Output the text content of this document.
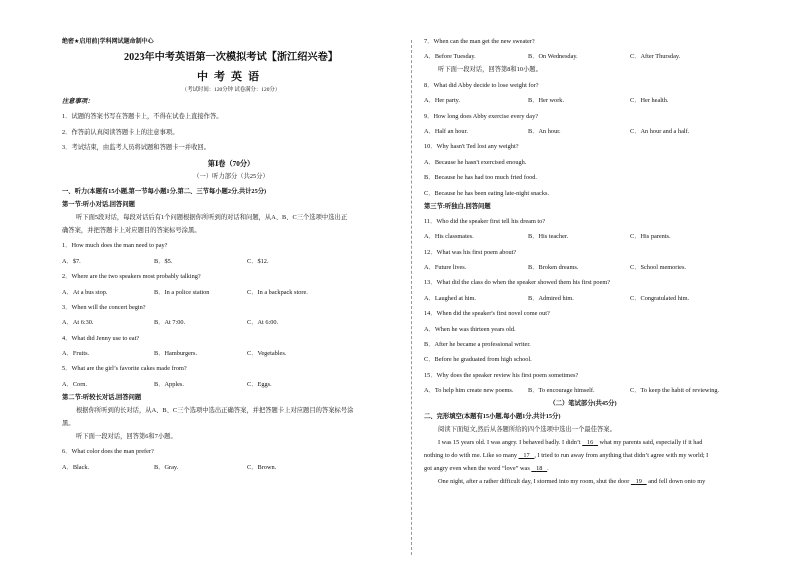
绝密★启用前|学科网试题命制中心
2023年中考英语第一次模拟考试【浙江绍兴卷】
中考英语
（考试时间：120分钟 试卷满分：120分）
注意事项：
1．试题的答案书写在答题卡上，不得在试卷上直接作答。
2．作答前认真阅读答题卡上的注意事项。
3．考试结束，由监考人员将试题和答题卡一并收回。
第Ⅰ卷（70分）
（一）听力部分（共25分）
一、听力(本题有15小题,第一节每小题1分,第二、三节每小题2分,共计25分)
第一节:听小对话,回答问题
听下面5段对话，每段对话后有1个问题根据你所听到的对话和问题，从A、B、C三个选项中选出正
确答案，并把答题卡上对应题目的答案标号涂黑。
1．How much does the man need to pay?
A．$7.	B．$5.	C．$12.
2．Where are the two speakers most probably talking?
A．At a bus stop.	B．In a police station	C．In a backpack store.
3．When will the concert begin?
A．At 6:30.	B．At 7:00.	C．At 6:00.
4．What did Jenny use to eat?
A．Fruits.	B．Hamburgers.	C．Vegetables.
5．What are the girl’s favorite cakes made from?
A．Corn.	B．Apples.	C．Eggs.
第二节:听较长对话,回答问题
根据你所听到的长对话，从A、B、C三个选项中选出正确答案，并把答题卡上对应题目的答案标号涂
黑。
听下面一段对话，回答第6和7小题。
6．What color does the man prefer?
A．Black.	B．Gray.	C．Brown.
7．When can the man get the new sweater?
A．Before Tuesday.	B．On Wednesday.	C．After Thursday.
听下面一段对话，回答第8和10小题。
8．What did Abby decide to lose weight for?
A．Her party.	B．Her work.	C．Her health.
9．How long does Abby exercise every day?
A．Half an hour.	B．An hour.	C．An hour and a half.
10．Why hasn't Ted lost any weight?
A．Because he hasn't exercised enough.
B．Because he has had too much fried food.
C．Because he has been eating late-night snacks.
第三节:听独白,回答问题
11．Who did the speaker first tell his dream to?
A．His classmates.	B．His teacher.	C．His parents.
12．What was his first poem about?
A．Future lives.	B．Broken dreams.	C．School memories.
13．What did the class do when the speaker showed them his first poem?
A．Laughed at him.	B．Admired him.	C．Congratulated him.
14．When did the speaker's first novel come out?
A．When he was thirteen years old.
B．After he became a professional writer.
C．Before he graduated from high school.
15．Why does the speaker review his first poem sometimes?
A．To help him create new poems.	B．To encourage himself.	C．To keep the habit of reviewing.
（二）笔试部分(共45分)
二、完形填空(本题有15小题,每小题1分,共计15分)
阅读下面短文,然后从各题所给的四个选项中选出一个最佳答案。
I was 15 years old. I was angry. I behaved badly. I didn’t    16    what my parents said, especially if it had
nothing to do with me. Like so many    17 , I tried to run away from anything that didn’t agree with my world; I
got angry even when the word “love” was    18 .
One night, after a rather difficult day, I stormed into my room, shut the door    19    and fell down onto my
